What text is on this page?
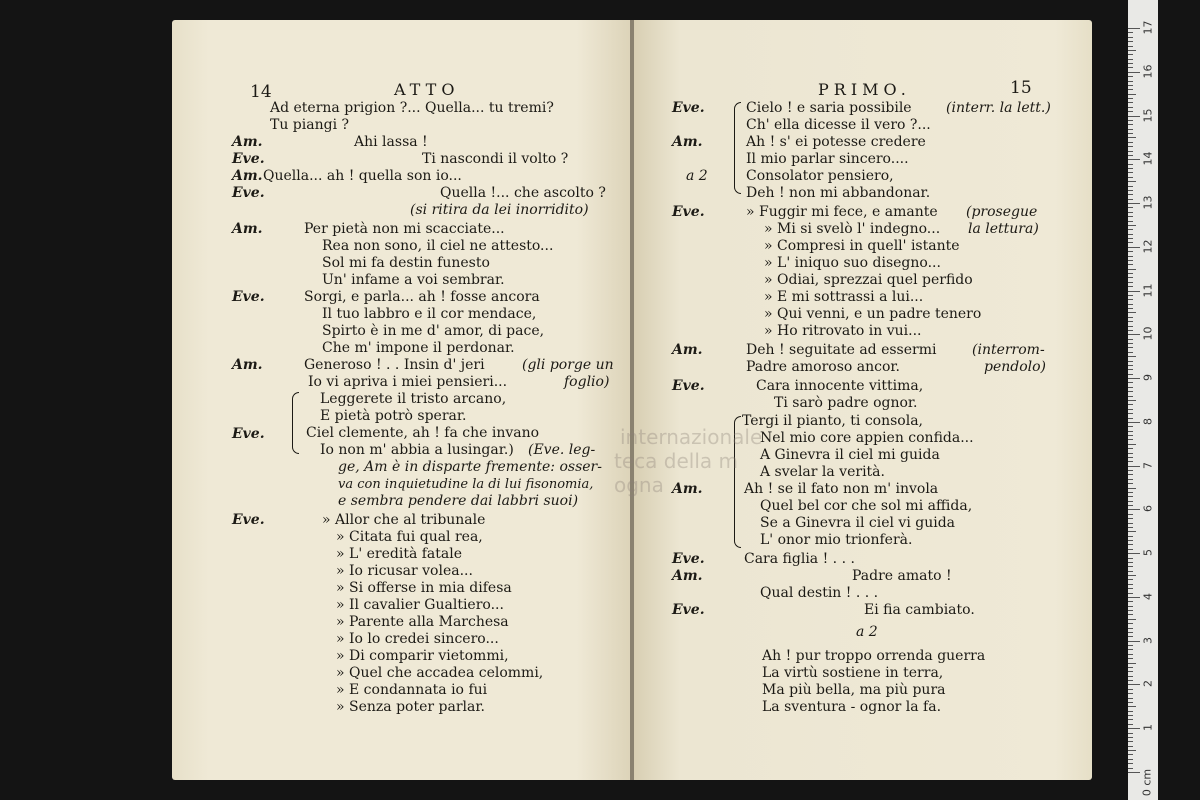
14	ATTO
Ad eterna prigion ?... Quella... tu tremi?
Tu piangi ?
Am.	Ahi lassa !
Eve.	Ti nascondi il volto ?
Am. Quella... ah ! quella son io...
Eve.	Quella !... che ascolto ?
(si ritira da lei inorridito)
Am.	Per pietà non mi scacciate...
Rea non sono, il ciel ne attesto...
Sol mi fa destin funesto
Un' infame a voi sembrar.
Eve.	Sorgi, e parla... ah ! fosse ancora
Il tuo labbro e il cor mendace,
Spirto è in me d' amor, di pace,
Che m' impone il perdonar.
Am.	Generoso ! . . Insin d' jeri	(gli porge un
Io vi apriva i miei pensieri...	foglio)
Leggerete il tristo arcano,
E pietà potrò sperar.
Eve.	Ciel clemente, ah ! fa che invano
Io non m' abbia a lusingar.) (Eve. leg-
ge, Am è in disparte fremente: osser-
va con inquietudine la di lui fisonomia,
e sembra pendere dai labbri suoi)
Eve.	» Allor che al tribunale
» Citata fui qual rea,
» L' eredità fatale
» Io ricusar volea...
» Si offerse in mia difesa
» Il cavalier Gualtiero...
» Parente alla Marchesa
» Io lo credei sincero...
» Di comparir vietommi,
» Quel che accadea celommi,
» E condannata io fui
» Senza poter parlar.
PRIMO.	15
Eve.	Cielo ! e saria possibile (interr. la lett.)
Ch' ella dicesse il vero ?...
Am.	Ah ! s' ei potesse credere
Il mio parlar sincero....
a 2	Consolator pensiero,
Deh ! non mi abbandonar.
Eve.	» Fuggir mi fece, e amante (prosegue
» Mi si svelò l' indegno... la lettura)
» Compresi in quell' istante
» L' iniquo suo disegno...
» Odiai, sprezzai quel perfido
» E mi sottrassi a lui...
» Qui venni, e un padre tenero
» Ho ritrovato in vui...
Am.	Deh ! seguitate ad essermi	(interrom-
Padre amoroso ancor.	pendolo)
Eve.	Cara innocente vittima,
Ti sarò padre ognor.
Tergi il pianto, ti consola,
Nel mio core appien confida...
A Ginevra il ciel mi guida
A svelar la verità.
Am.	Ah ! se il fato non m' invola
Quel bel cor che sol mi affida,
Se a Ginevra il ciel vi guida
L' onor mio trionferà.
Eve.	Cara figlia ! . . .
Am.	Padre amato !
Qual destin ! . . .
Eve.	Ei fia cambiato.
a 2
Ah ! pur troppo orrenda guerra
La virtù sostiene in terra,
Ma più bella, ma più pura
La sventura - ognor la fa.
internazionale
teca della m
ogna
17
16
15
14
13
12
11
10
9
8
7
6
5
4
3
2
1
0 cm
